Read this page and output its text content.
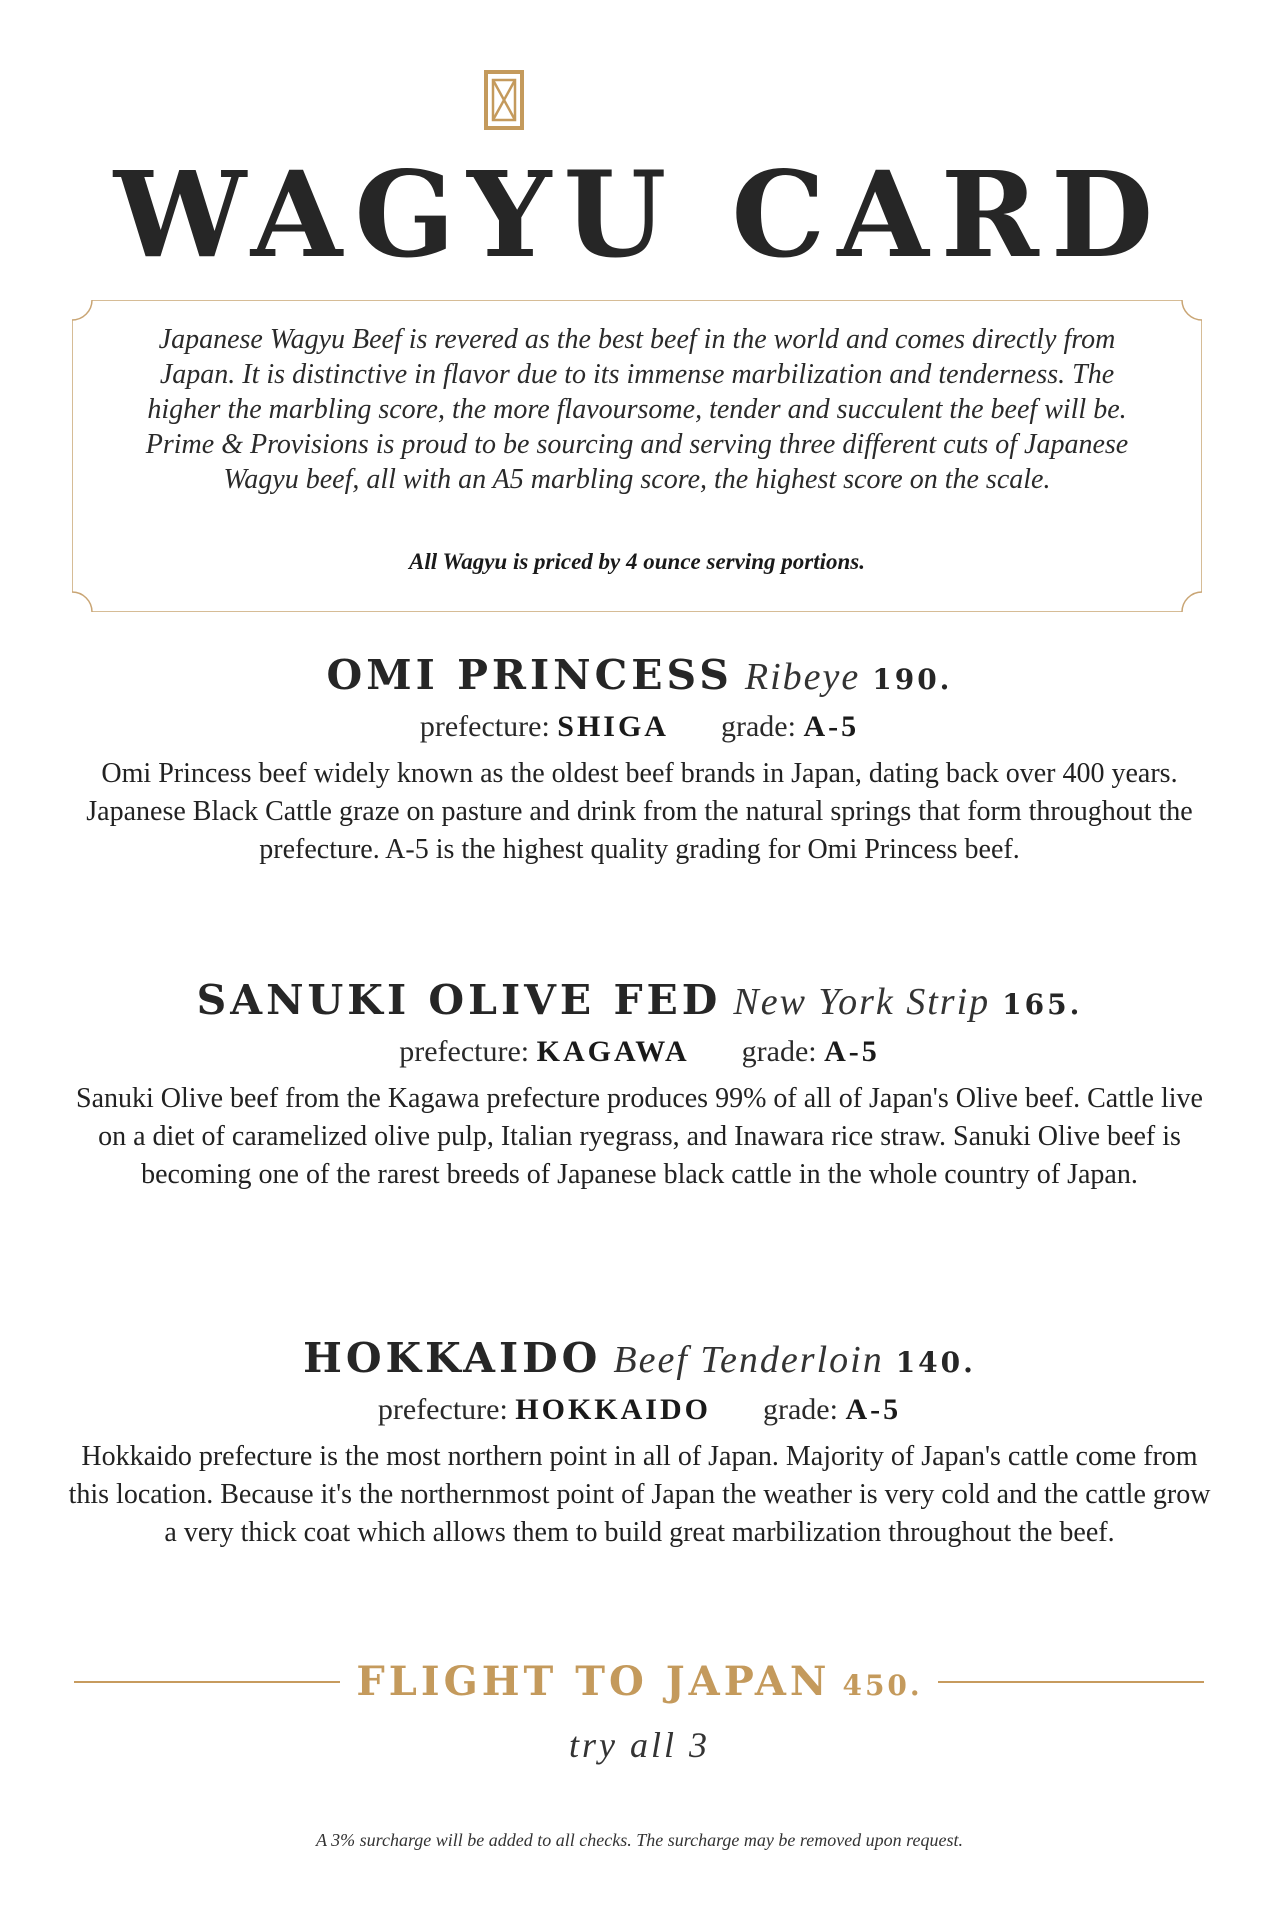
WAGYU CARD
Japanese Wagyu Beef is revered as the best beef in the world and comes directly from Japan. It is distinctive in flavor due to its immense marbilization and tenderness. The higher the marbling score, the more flavoursome, tender and succulent the beef will be. Prime & Provisions is proud to be sourcing and serving three different cuts of Japanese Wagyu beef, all with an A5 marbling score, the highest score on the scale.
All Wagyu is priced by 4 ounce serving portions.
OMI PRINCESS Ribeye 190.
prefecture: SHIGA grade: A-5
Omi Princess beef widely known as the oldest beef brands in Japan, dating back over 400 years. Japanese Black Cattle graze on pasture and drink from the natural springs that form throughout the prefecture. A-5 is the highest quality grading for Omi Princess beef.
SANUKI OLIVE FED New York Strip 165.
prefecture: KAGAWA grade: A-5
Sanuki Olive beef from the Kagawa prefecture produces 99% of all of Japan's Olive beef. Cattle live on a diet of caramelized olive pulp, Italian ryegrass, and Inawara rice straw. Sanuki Olive beef is becoming one of the rarest breeds of Japanese black cattle in the whole country of Japan.
HOKKAIDO Beef Tenderloin 140.
prefecture: HOKKAIDO grade: A-5
Hokkaido prefecture is the most northern point in all of Japan. Majority of Japan's cattle come from this location. Because it's the northernmost point of Japan the weather is very cold and the cattle grow a very thick coat which allows them to build great marbilization throughout the beef.
FLIGHT TO JAPAN 450.
try all 3
A 3% surcharge will be added to all checks. The surcharge may be removed upon request.
